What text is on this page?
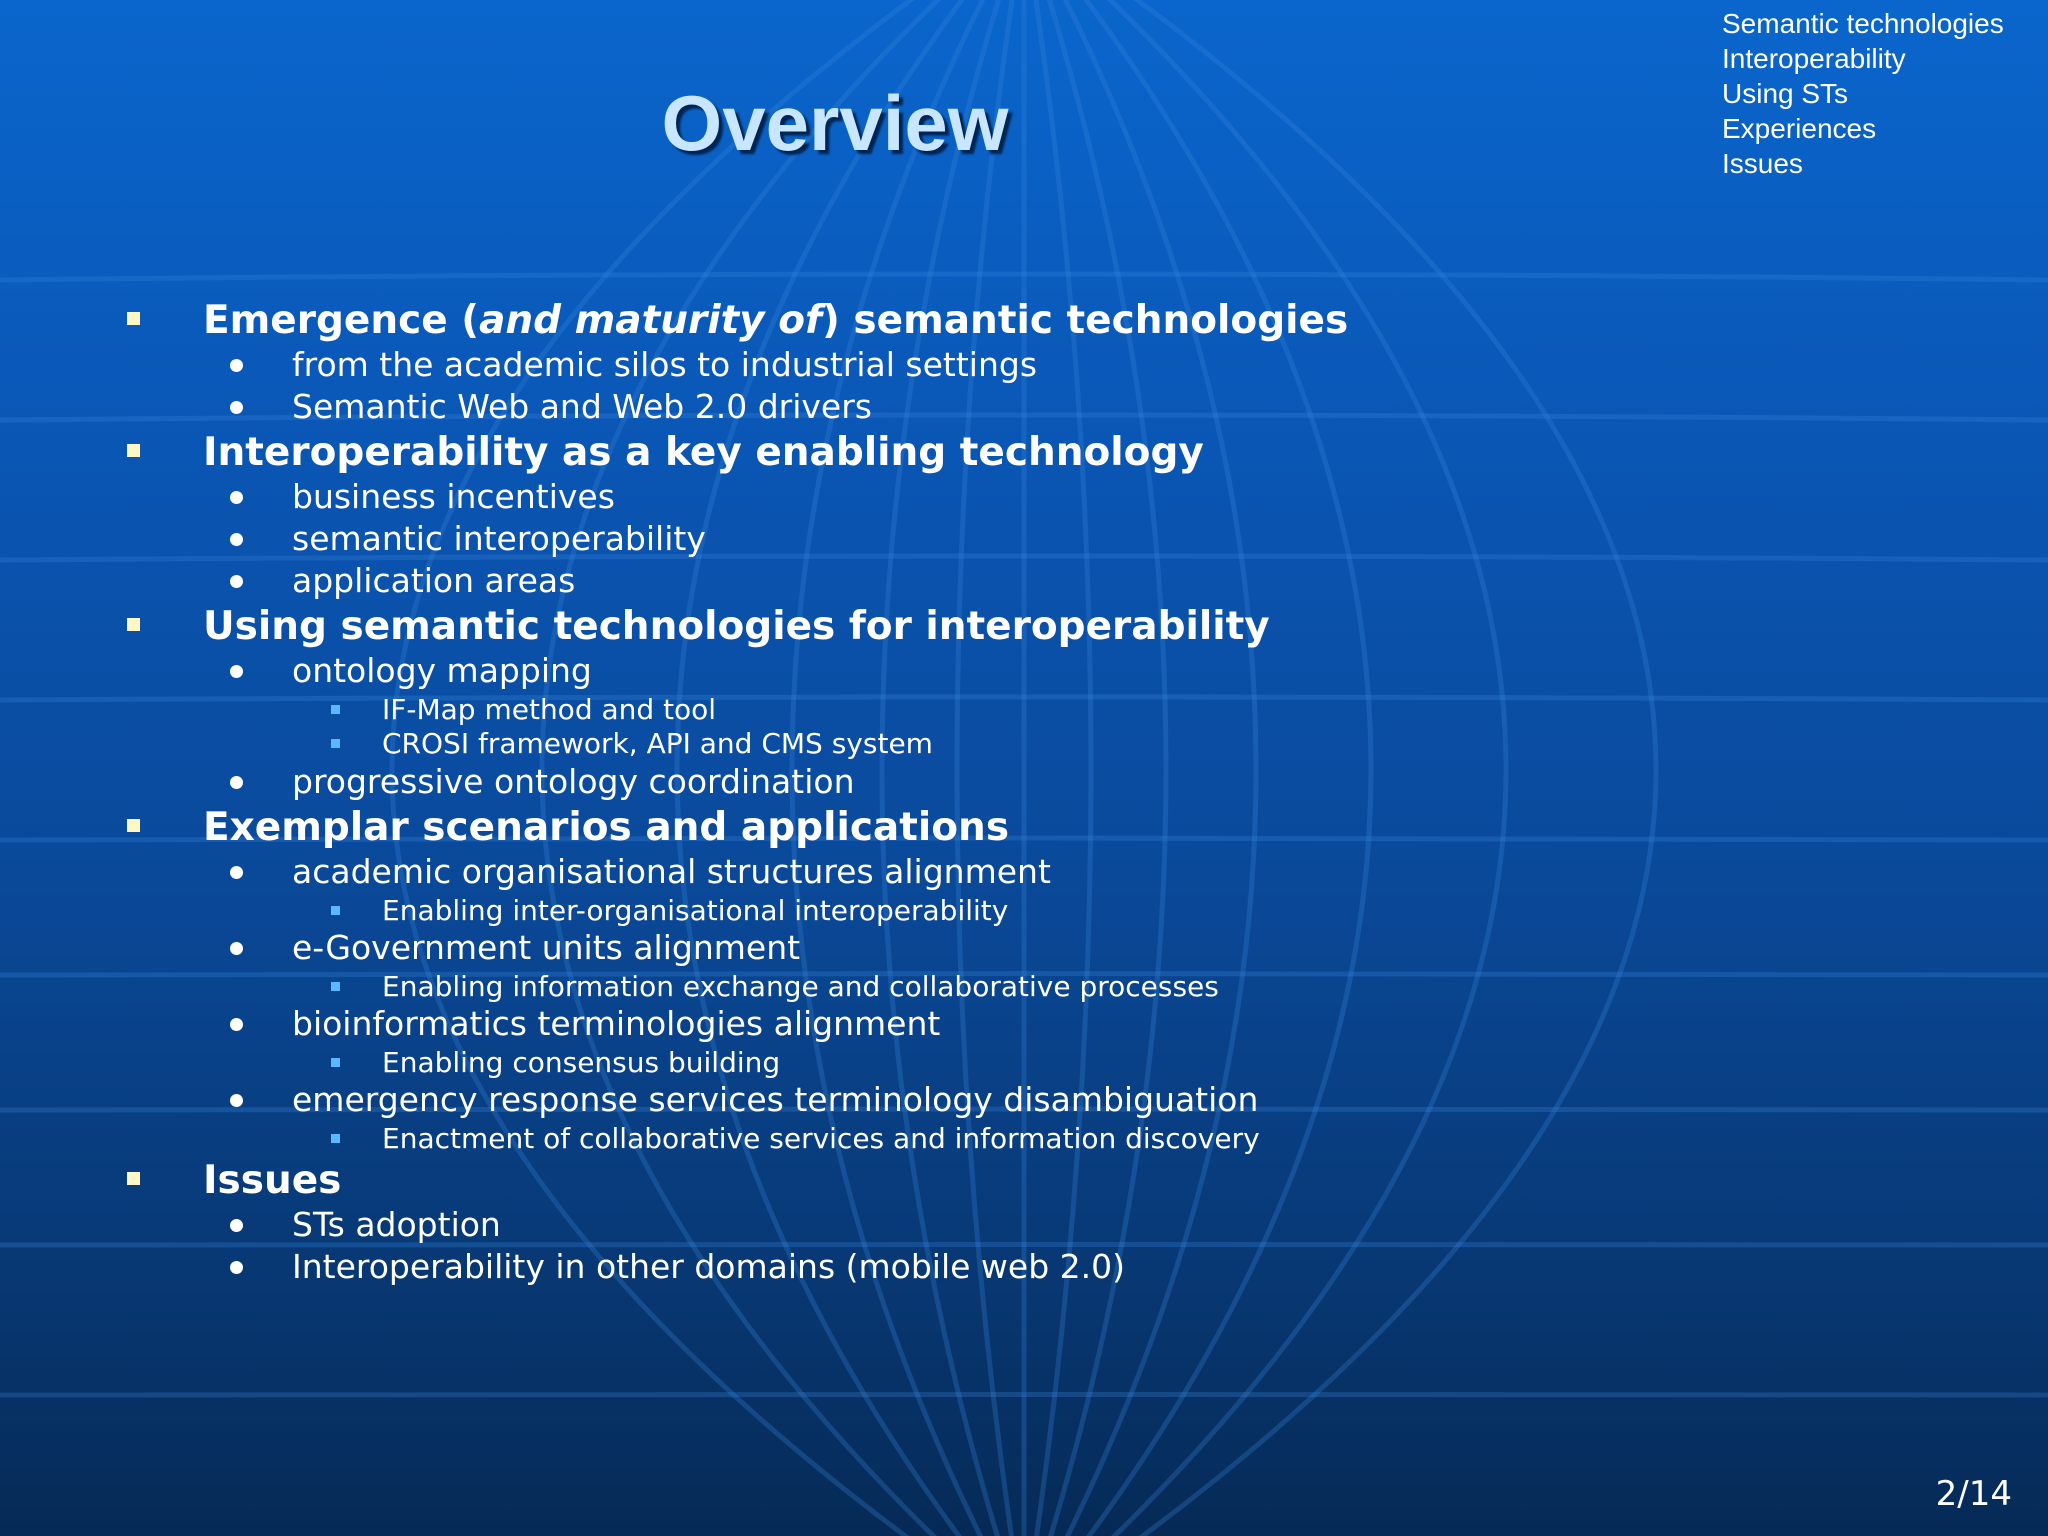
Semantic technologies
Interoperability
Using STs
Experiences
Issues
Overview
Emergence (and maturity of) semantic technologies
from the academic silos to industrial settings
Semantic Web and Web 2.0 drivers
Interoperability as a key enabling technology
business incentives
semantic interoperability
application areas
Using semantic technologies for interoperability
ontology mapping
IF-Map method and tool
CROSI framework, API and CMS system
progressive ontology coordination
Exemplar scenarios and applications
academic organisational structures alignment
Enabling inter-organisational interoperability
e-Government units alignment
Enabling information exchange and collaborative processes
bioinformatics terminologies alignment
Enabling consensus building
emergency response services terminology disambiguation
Enactment of collaborative services and information discovery
Issues
STs adoption
Interoperability in other domains (mobile web 2.0)
2/14
